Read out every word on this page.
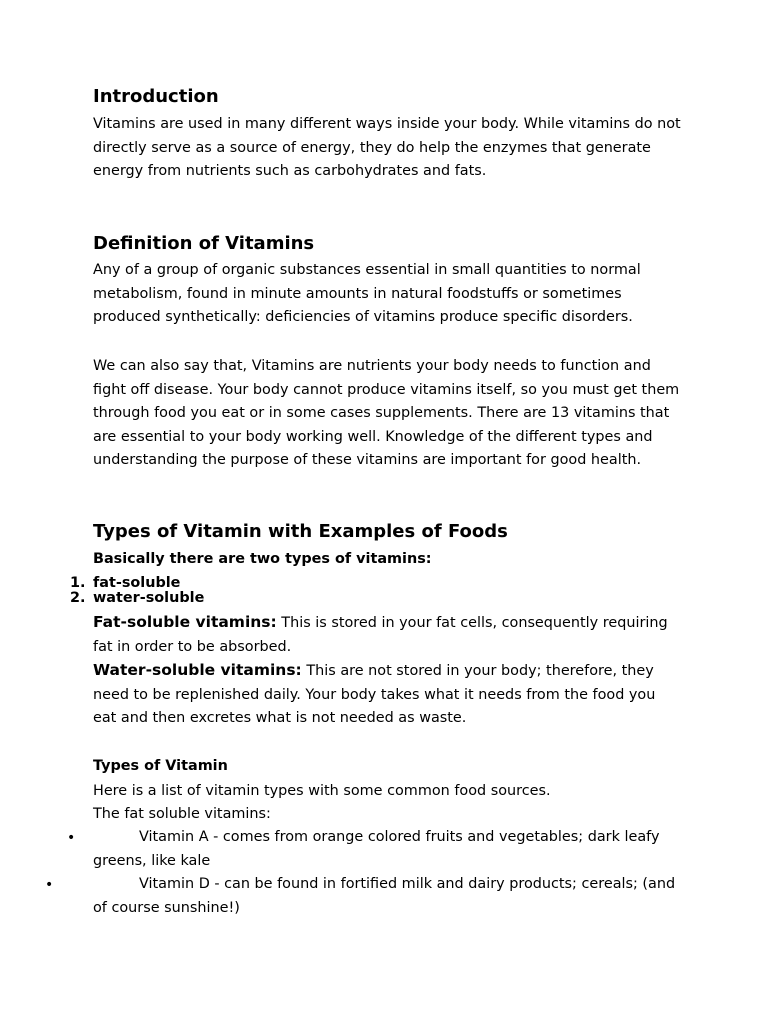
Introduction

Vitamins are used in many different ways inside your body. While vitamins do not directly serve as a source of energy, they do help the enzymes that generate energy from nutrients such as carbohydrates and fats.

Definition of Vitamins

Any of a group of organic substances essential in small quantities to normal metabolism, found in minute amounts in natural foodstuffs or sometimes produced synthetically: deficiencies of vitamins produce specific disorders.

We can also say that, Vitamins are nutrients your body needs to function and fight off disease. Your body cannot produce vitamins itself, so you must get them through food you eat or in some cases supplements. There are 13 vitamins that are essential to your body working well. Knowledge of the different types and understanding the purpose of these vitamins are important for good health.

Types of Vitamin with Examples of Foods

Basically there are two types of vitamins:

1. fat-soluble
2. water-soluble

Fat-soluble vitamins: This is stored in your fat cells, consequently requiring fat in order to be absorbed.

Water-soluble vitamins: This are not stored in your body; therefore, they need to be replenished daily. Your body takes what it needs from the food you eat and then excretes what is not needed as waste.

Types of Vitamin

Here is a list of vitamin types with some common food sources.
The fat soluble vitamins:
•	Vitamin A - comes from orange colored fruits and vegetables; dark leafy greens, like kale

•	Vitamin D - can be found in fortified milk and dairy products; cereals; (and of course sunshine!)
